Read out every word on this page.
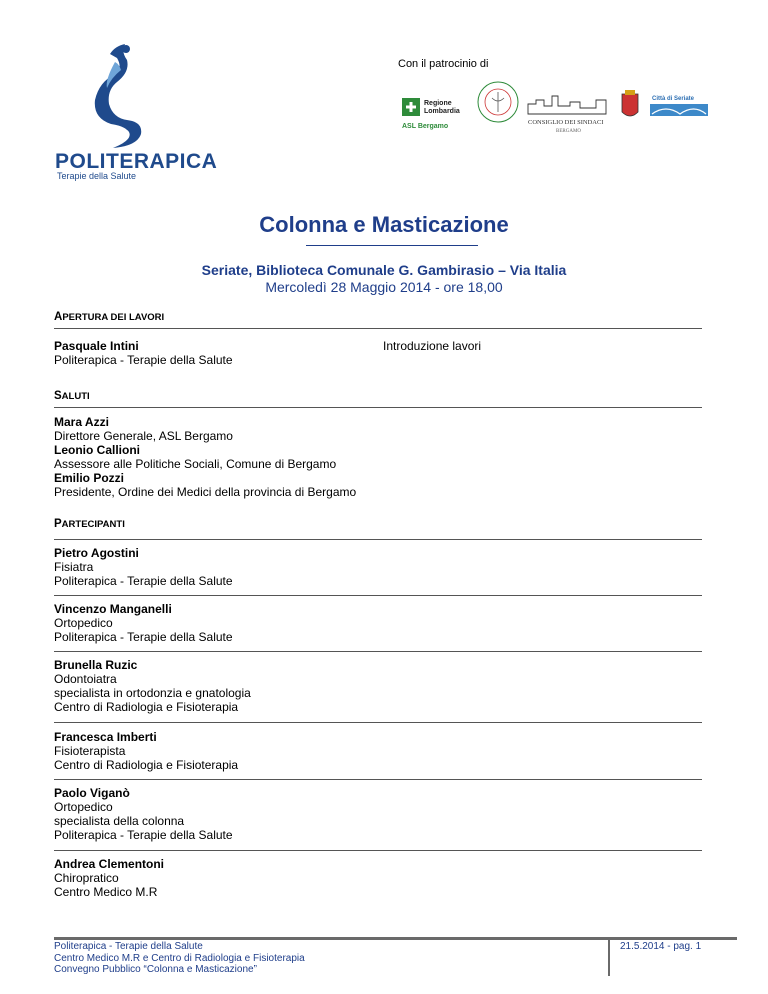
POLITERAPICA
Terapie della Salute
Con il patrocinio di
Regione
Lombardia
ASL Bergamo
CONSIGLIO DEI SINDACI
BERGAMO
Città di Seriate
Colonna e Masticazione
Seriate, Biblioteca Comunale G. Gambirasio – Via Italia
Mercoledì 28 Maggio 2014 - ore 18,00
APERTURA DEI LAVORI
Pasquale Intini
Politerapica - Terapie della Salute
Introduzione lavori
SALUTI
Mara Azzi
Direttore Generale, ASL Bergamo
Leonio Callioni
Assessore alle Politiche Sociali, Comune di Bergamo
Emilio Pozzi
Presidente, Ordine dei Medici della provincia di Bergamo
PARTECIPANTI
Pietro Agostini
Fisiatra
Politerapica - Terapie della Salute
Vincenzo Manganelli
Ortopedico
Politerapica - Terapie della Salute
Brunella Ruzic
Odontoiatra
specialista in ortodonzia e gnatologia
Centro di Radiologia e Fisioterapia
Francesca Imberti
Fisioterapista
Centro di Radiologia e Fisioterapia
Paolo Viganò
Ortopedico
specialista della colonna
Politerapica - Terapie della Salute
Andrea Clementoni
Chiropratico
Centro Medico M.R
Politerapica - Terapie della Salute
Centro Medico M.R e Centro di Radiologia e Fisioterapia
Convegno Pubblico “Colonna e Masticazione”
21.5.2014 - pag. 1
